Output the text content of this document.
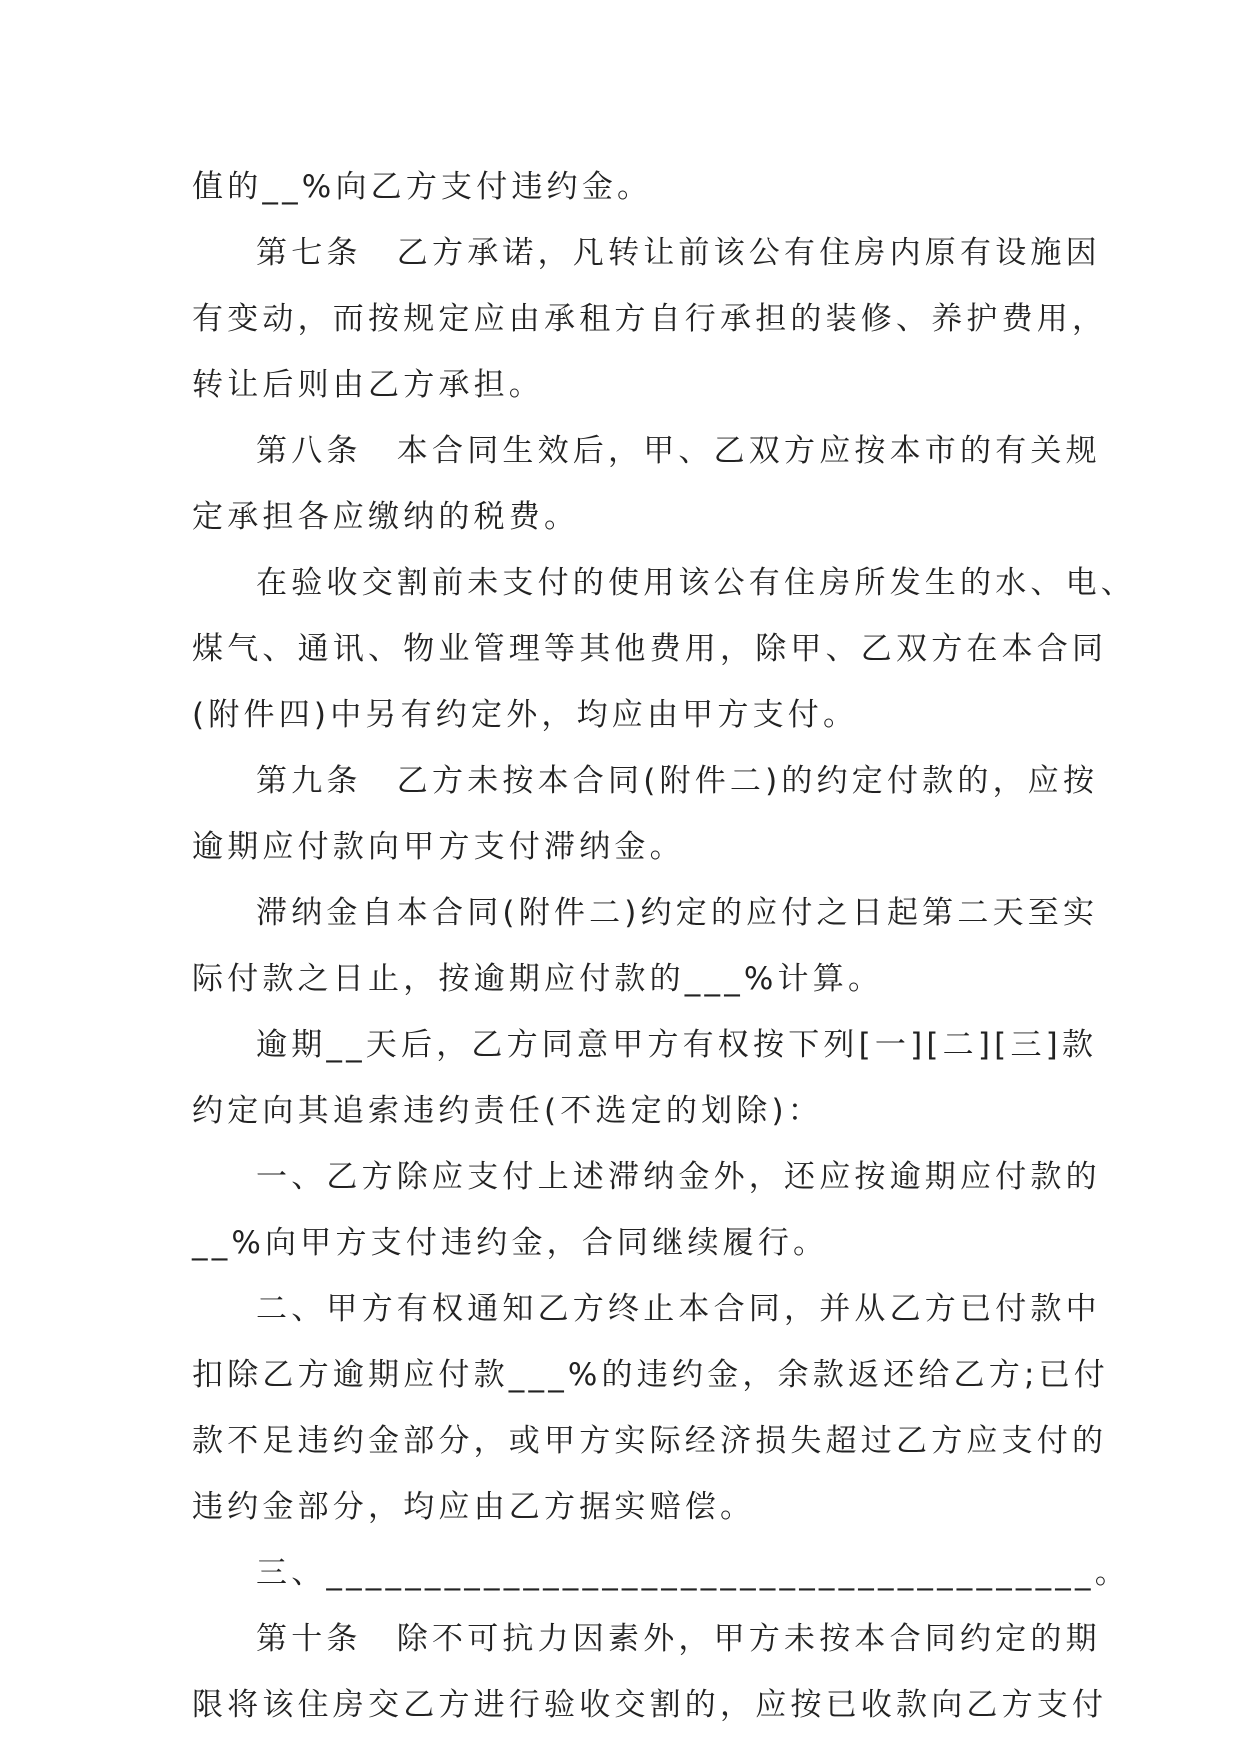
值的__%向乙方支付违约金。
第七条　乙方承诺，凡转让前该公有住房内原有设施因
有变动，而按规定应由承租方自行承担的装修、养护费用，
转让后则由乙方承担。
第八条　本合同生效后，甲、乙双方应按本市的有关规
定承担各应缴纳的税费。
在验收交割前未支付的使用该公有住房所发生的水、电、
煤气、通讯、物业管理等其他费用，除甲、乙双方在本合同
(附件四)中另有约定外，均应由甲方支付。
第九条　乙方未按本合同(附件二)的约定付款的，应按
逾期应付款向甲方支付滞纳金。
滞纳金自本合同(附件二)约定的应付之日起第二天至实
际付款之日止，按逾期应付款的___%计算。
逾期__天后，乙方同意甲方有权按下列[一][二][三]款
约定向其追索违约责任(不选定的划除)：
一、乙方除应支付上述滞纳金外，还应按逾期应付款的
__%向甲方支付违约金，合同继续履行。
二、甲方有权通知乙方终止本合同，并从乙方已付款中
扣除乙方逾期应付款___%的违约金，余款返还给乙方;已付
款不足违约金部分，或甲方实际经济损失超过乙方应支付的
违约金部分，均应由乙方据实赔偿。
三、_______________________________________。
第十条　除不可抗力因素外，甲方未按本合同约定的期
限将该住房交乙方进行验收交割的，应按已收款向乙方支付
